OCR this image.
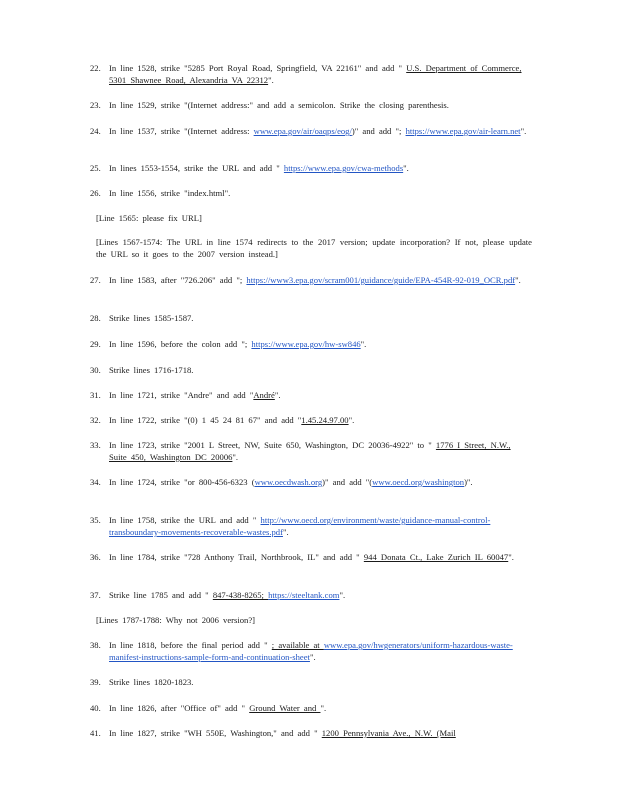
22. In line 1528, strike "5285 Port Royal Road, Springfield, VA 22161" and add " U.S. Department of Commerce, 5301 Shawnee Road, Alexandria VA 22312".
23. In line 1529, strike "(Internet address:" and add a semicolon. Strike the closing parenthesis.
24. In line 1537, strike "(Internet address: www.epa.gov/air/oaqps/eog/)" and add "; https://www.epa.gov/air-learn.net".
25. In lines 1553-1554, strike the URL and add " https://www.epa.gov/cwa-methods".
26. In line 1556, strike "index.html".
[Line 1565: please fix URL]
[Lines 1567-1574: The URL in line 1574 redirects to the 2017 version; update incorporation? If not, please update the URL so it goes to the 2007 version instead.]
27. In line 1583, after "726.206" add "; https://www3.epa.gov/scram001/guidance/guide/EPA-454R-92-019_OCR.pdf".
28. Strike lines 1585-1587.
29. In line 1596, before the colon add "; https://www.epa.gov/hw-sw846".
30. Strike lines 1716-1718.
31. In line 1721, strike "Andre" and add "André".
32. In line 1722, strike "(0) 1 45 24 81 67" and add "1.45.24.97.00".
33. In line 1723, strike "2001 L Street, NW, Suite 650, Washington, DC 20036-4922" to " 1776 I Street, N.W., Suite 450, Washington DC 20006".
34. In line 1724, strike "or 800-456-6323 (www.oecdwash.org)" and add "(www.oecd.org/washington)".
35. In line 1758, strike the URL and add " http://www.oecd.org/environment/waste/guidance-manual-control-transboundary-movements-recoverable-wastes.pdf".
36. In line 1784, strike "728 Anthony Trail, Northbrook, IL" and add " 944 Donata Ct., Lake Zurich IL 60047".
37. Strike line 1785 and add " 847-438-8265; https://steeltank.com".
[Lines 1787-1788: Why not 2006 version?]
38. In line 1818, before the final period add " ; available at www.epa.gov/hwgenerators/uniform-hazardous-waste-manifest-instructions-sample-form-and-continuation-sheet".
39. Strike lines 1820-1823.
40. In line 1826, after "Office of" add " Ground Water and ".
41. In line 1827, strike "WH 550E, Washington," and add " 1200 Pennsylvania Ave., N.W. (Mail
